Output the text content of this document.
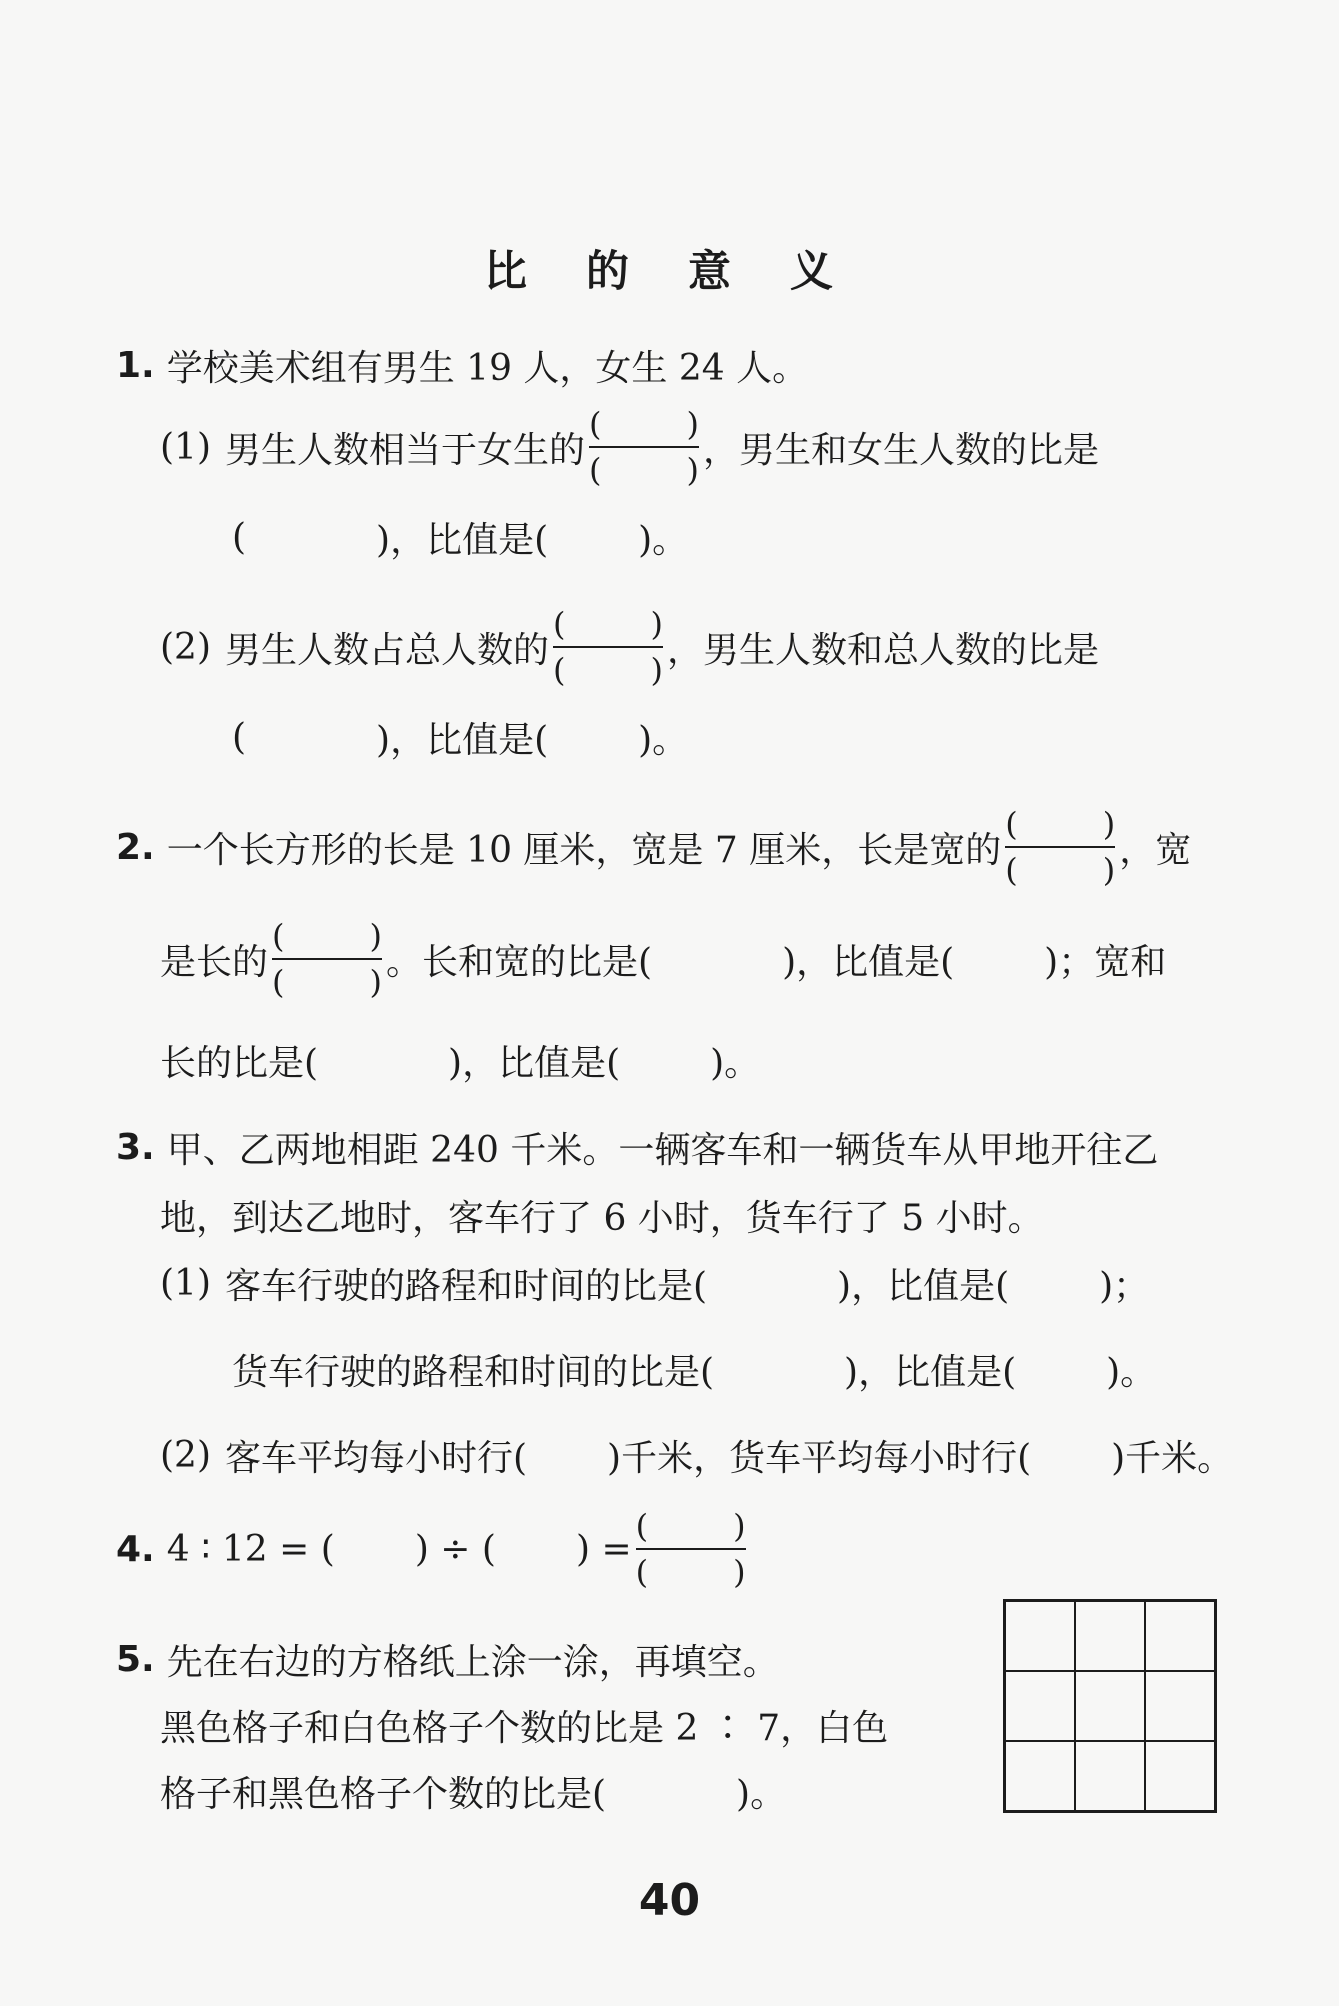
比 的 意 义
1. 学校美术组有男生 19 人，女生 24 人。
(1) 男生人数相当于女生的 (	)
(	) ，男生和女生人数的比是
(	)，比值是(	)。
(2) 男生人数占总人数的 (	)
(	) ，男生人数和总人数的比是
(	)，比值是(	)。
2. 一个长方形的长是 10 厘米，宽是 7 厘米，长是宽的 (	)
(	) ，宽
是长的 (	)
(	) 。长和宽的比是(	)，比值是(	)；宽和
长的比是(	)，比值是(	)。
3. 甲、乙两地相距 240 千米。一辆客车和一辆货车从甲地开往乙
地，到达乙地时，客车行了 6 小时，货车行了 5 小时。
(1) 客车行驶的路程和时间的比是(	)，比值是(	)；
货车行驶的路程和时间的比是(	)，比值是(	)。
(2) 客车平均每小时行( )千米，货车平均每小时行( )千米。
4. 4 ∶ 12 = ( ) ÷ ( ) = (	)
(	)
5. 先在右边的方格纸上涂一涂，再填空。
黑色格子和白色格子个数的比是 2 ∶ 7，白色
格子和黑色格子个数的比是(	)。
40
